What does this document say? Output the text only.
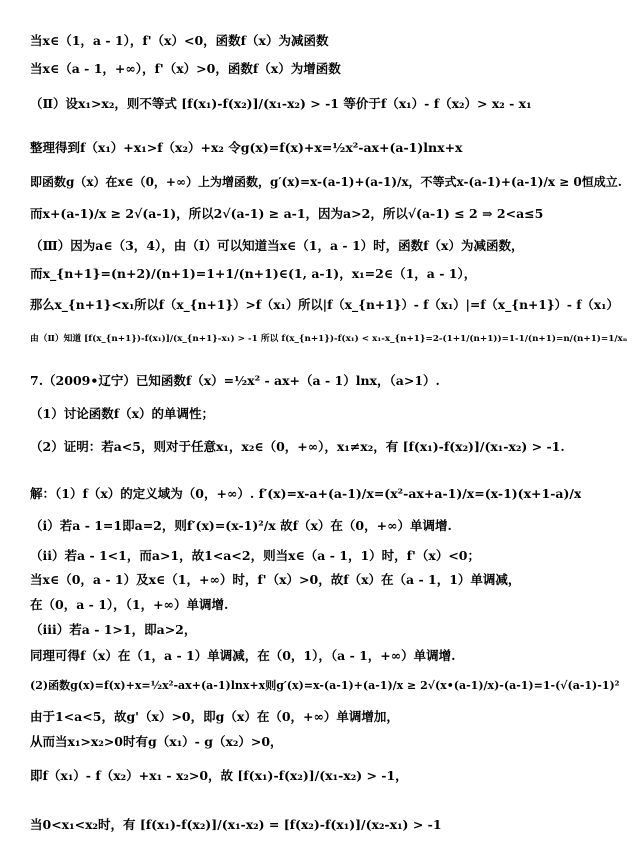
当x∈（1，a - 1），f'（x）<0，函数f（x）为减函数
当x∈（a - 1，+∞），f'（x）>0，函数f（x）为增函数
（Ⅱ）设x₁>x₂，则不等式 [f(x₁)-f(x₂)]/(x₁-x₂) > -1 等价于f（x₁）- f（x₂）> x₂ - x₁
整理得到f（x₁）+x₁>f（x₂）+x₂ 令g(x)=f(x)+x=½x²-ax+(a-1)lnx+x
即函数g（x）在x∈（0，+∞）上为增函数，g′(x)=x-(a-1)+(a-1)/x，不等式x-(a-1)+(a-1)/x ≥ 0恒成立.
而x+(a-1)/x ≥ 2√(a-1)，所以2√(a-1) ≥ a-1，因为a>2，所以√(a-1) ≤ 2 ⇒ 2<a≤5
（Ⅲ）因为a∈（3，4），由（Ⅰ）可以知道当x∈（1，a - 1）时，函数f（x）为减函数，
而x_{n+1}=(n+2)/(n+1)=1+1/(n+1)∈(1, a-1)，x₁=2∈（1，a - 1），
那么x_{n+1}<x₁所以f（x_{n+1}）>f（x₁）所以|f（x_{n+1}）- f（x₁）|=f（x_{n+1}）- f（x₁）
由（Ⅱ）知道 [f(x_{n+1})-f(x₁)]/(x_{n+1}-x₁) > -1 所以 f(x_{n+1})-f(x₁) < x₁-x_{n+1}=2-(1+1/(n+1))=1-1/(n+1)=n/(n+1)=1/xₙ
7.（2009•辽宁）已知函数f（x）=½x² - ax+（a - 1）lnx，（a>1）.
（1）讨论函数f（x）的单调性；
（2）证明：若a<5，则对于任意x₁，x₂∈（0，+∞），x₁≠x₂，有 [f(x₁)-f(x₂)]/(x₁-x₂) > -1.
解：（1）f（x）的定义域为（0，+∞）. f′(x)=x-a+(a-1)/x=(x²-ax+a-1)/x=(x-1)(x+1-a)/x
（i）若a - 1=1即a=2，则f′(x)=(x-1)²/x 故f（x）在（0，+∞）单调增.
（ii）若a - 1<1，而a>1，故1<a<2，则当x∈（a - 1，1）时，f'（x）<0；
当x∈（0，a - 1）及x∈（1，+∞）时，f'（x）>0，故f（x）在（a - 1，1）单调减，
在（0，a - 1），（1，+∞）单调增.
（iii）若a - 1>1，即a>2，
同理可得f（x）在（1，a - 1）单调减，在（0，1），（a - 1，+∞）单调增.
(2)函数g(x)=f(x)+x=½x²-ax+(a-1)lnx+x则g′(x)=x-(a-1)+(a-1)/x ≥ 2√(x•(a-1)/x)-(a-1)=1-(√(a-1)-1)²
由于1<a<5，故g'（x）>0，即g（x）在（0，+∞）单调增加，
从而当x₁>x₂>0时有g（x₁）- g（x₂）>0，
即f（x₁）- f（x₂）+x₁ - x₂>0，故 [f(x₁)-f(x₂)]/(x₁-x₂) > -1，
当0<x₁<x₂时，有 [f(x₁)-f(x₂)]/(x₁-x₂) = [f(x₂)-f(x₁)]/(x₂-x₁) > -1
